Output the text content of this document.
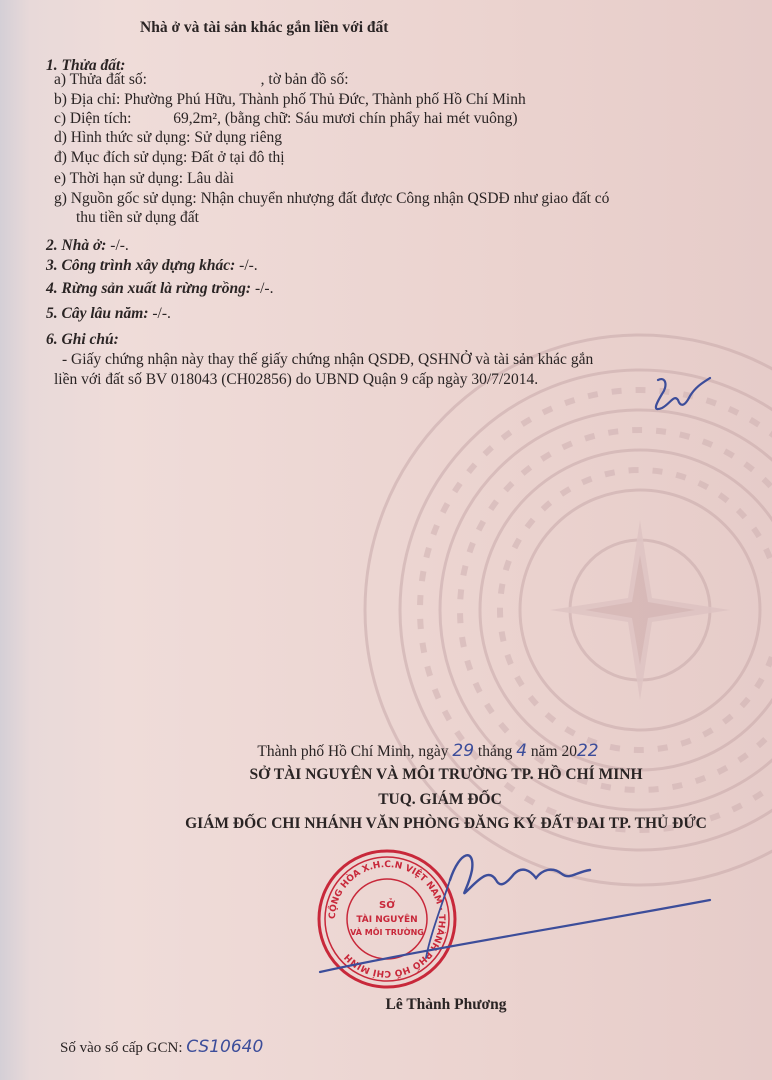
Nhà ở và tài sản khác gắn liền với đất
1. Thửa đất:
a) Thửa đất số:	, tờ bản đồ số:
b) Địa chỉ: Phường Phú Hữu, Thành phố Thủ Đức, Thành phố Hồ Chí Minh
c) Diện tích:	69,2m², (bằng chữ: Sáu mươi chín phẩy hai mét vuông)
d) Hình thức sử dụng: Sử dụng riêng
đ) Mục đích sử dụng: Đất ở tại đô thị
e) Thời hạn sử dụng: Lâu dài
g) Nguồn gốc sử dụng: Nhận chuyển nhượng đất được Công nhận QSDĐ như giao đất có
thu tiền sử dụng đất
2. Nhà ở: -/-.
3. Công trình xây dựng khác: -/-.
4. Rừng sản xuất là rừng trồng: -/-.
5. Cây lâu năm: -/-.
6. Ghi chú:
- Giấy chứng nhận này thay thế giấy chứng nhận QSDĐ, QSHNỞ và tài sản khác gắn
liền với đất số BV 018043 (CH02856) do UBND Quận 9 cấp ngày 30/7/2014.
Thành phố Hồ Chí Minh, ngày 29 tháng 4 năm 2022
SỞ TÀI NGUYÊN VÀ MÔI TRƯỜNG TP. HỒ CHÍ MINH
TUQ. GIÁM ĐỐC
GIÁM ĐỐC CHI NHÁNH VĂN PHÒNG ĐĂNG KÝ ĐẤT ĐAI TP. THỦ ĐỨC
CỘNG HÒA X.H.C.N VIỆT NAM · THÀNH PHỐ HỒ CHÍ MINH
SỞ
TÀI NGUYÊN
VÀ MÔI TRƯỜNG
Lê Thành Phương
Số vào sổ cấp GCN: CS10640
